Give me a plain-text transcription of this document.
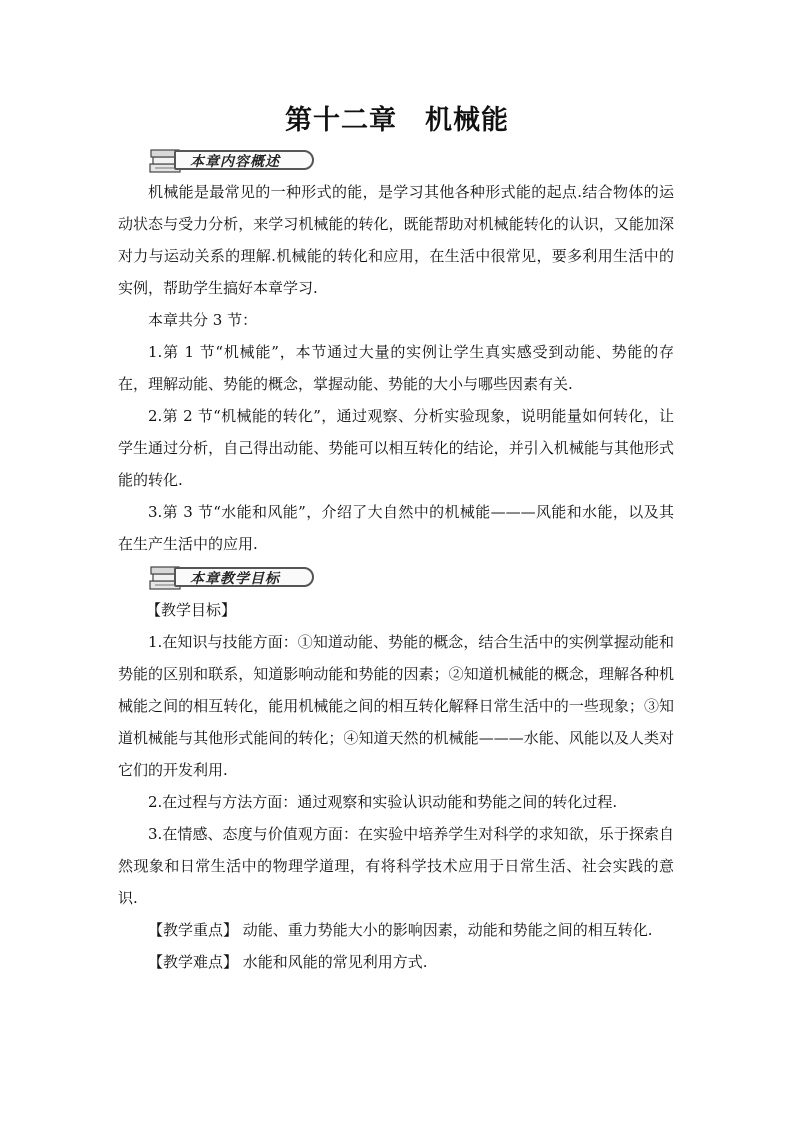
第十二章　机械能
本章内容概述

机械能是最常见的一种形式的能，是学习其他各种形式能的起点.结合物体的运动状态与受力分析，来学习机械能的转化，既能帮助对机械能转化的认识，又能加深对力与运动关系的理解.机械能的转化和应用，在生活中很常见，要多利用生活中的实例，帮助学生搞好本章学习.

本章共分 3 节：

1.第 1 节“机械能”，本节通过大量的实例让学生真实感受到动能、势能的存在，理解动能、势能的概念，掌握动能、势能的大小与哪些因素有关.

2.第 2 节“机械能的转化”，通过观察、分析实验现象，说明能量如何转化，让学生通过分析，自己得出动能、势能可以相互转化的结论，并引入机械能与其他形式能的转化.

3.第 3 节“水能和风能”，介绍了大自然中的机械能———风能和水能，以及其在生产生活中的应用.

本章教学目标

【教学目标】

1.在知识与技能方面：①知道动能、势能的概念，结合生活中的实例掌握动能和势能的区别和联系，知道影响动能和势能的因素；②知道机械能的概念，理解各种机械能之间的相互转化，能用机械能之间的相互转化解释日常生活中的一些现象；③知道机械能与其他形式能间的转化；④知道天然的机械能———水能、风能以及人类对它们的开发利用.

2.在过程与方法方面：通过观察和实验认识动能和势能之间的转化过程.

3.在情感、态度与价值观方面：在实验中培养学生对科学的求知欲，乐于探索自然现象和日常生活中的物理学道理，有将科学技术应用于日常生活、社会实践的意识.

【教学重点】 动能、重力势能大小的影响因素，动能和势能之间的相互转化.

【教学难点】 水能和风能的常见利用方式.
